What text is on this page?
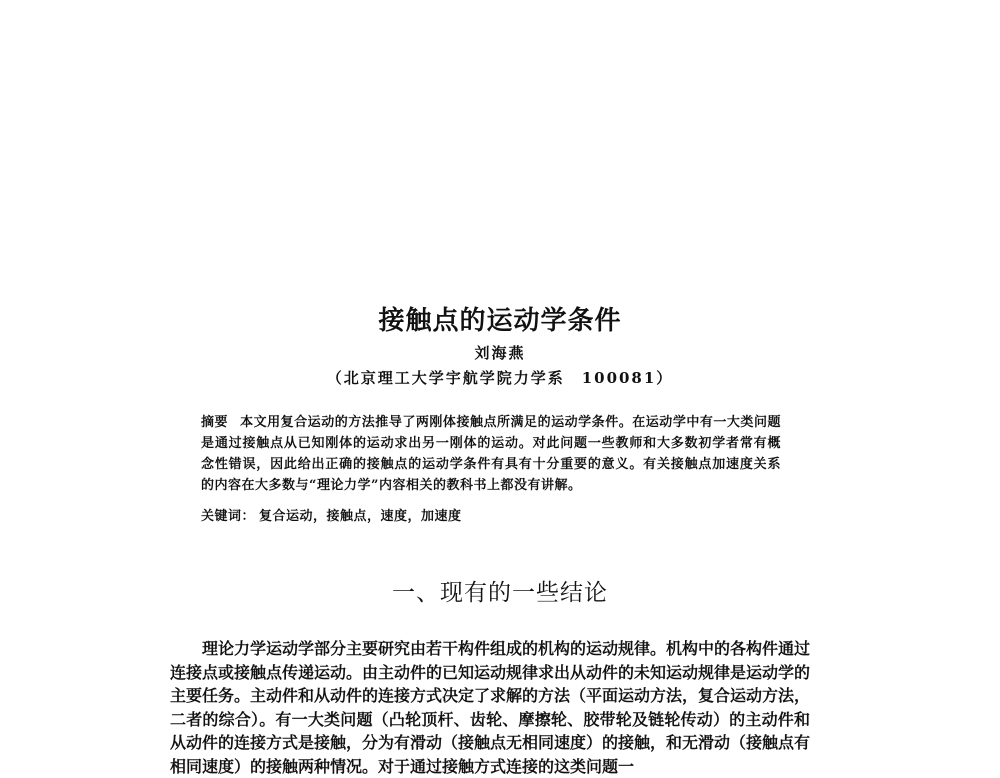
接触点的运动学条件
刘海燕
（北京理工大学宇航学院力学系　100081）
摘要 本文用复合运动的方法推导了两刚体接触点所满足的运动学条件。在运动学中有一大类问题是通过接触点从已知刚体的运动求出另一刚体的运动。对此问题一些教师和大多数初学者常有概念性错误，因此给出正确的接触点的运动学条件有具有十分重要的意义。有关接触点加速度关系的内容在大多数与“理论力学”内容相关的教科书上都没有讲解。
关键词： 复合运动，接触点，速度，加速度
一、现有的一些结论
理论力学运动学部分主要研究由若干构件组成的机构的运动规律。机构中的各构件通过连接点或接触点传递运动。由主动件的已知运动规律求出从动件的未知运动规律是运动学的主要任务。主动件和从动件的连接方式决定了求解的方法（平面运动方法，复合运动方法，二者的综合）。有一大类问题（凸轮顶杆、齿轮、摩擦轮、胶带轮及链轮传动）的主动件和从动件的连接方式是接触，分为有滑动（接触点无相同速度）的接触，和无滑动（接触点有相同速度）的接触两种情况。对于通过接触方式连接的这类问题一
